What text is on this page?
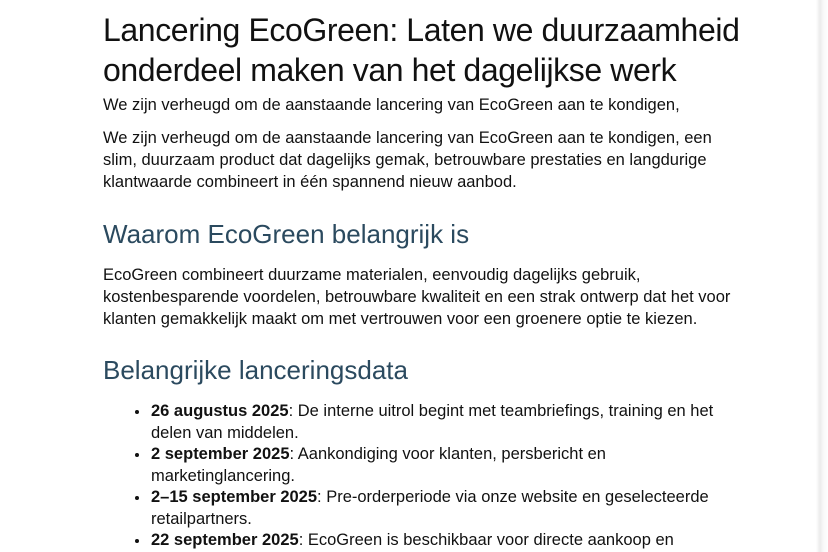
Lancering EcoGreen: Laten we duurzaamheid onderdeel maken van het dagelijkse werk

We zijn verheugd om de aanstaande lancering van EcoGreen aan te kondigen,

We zijn verheugd om de aanstaande lancering van EcoGreen aan te kondigen, een slim, duurzaam product dat dagelijks gemak, betrouwbare prestaties en langdurige klantwaarde combineert in één spannend nieuw aanbod.

Waarom EcoGreen belangrijk is

EcoGreen combineert duurzame materialen, eenvoudig dagelijks gebruik, kostenbesparende voordelen, betrouwbare kwaliteit en een strak ontwerp dat het voor klanten gemakkelijk maakt om met vertrouwen voor een groenere optie te kiezen.

Belangrijke lanceringsdata
• 26 augustus 2025: De interne uitrol begint met teambriefings, training en het delen van middelen.
• 2 september 2025: Aankondiging voor klanten, persbericht en marketinglancering.
• 2–15 september 2025: Pre-orderperiode via onze website en geselecteerde retailpartners.
• 22 september 2025: EcoGreen is beschikbaar voor directe aankoop en
